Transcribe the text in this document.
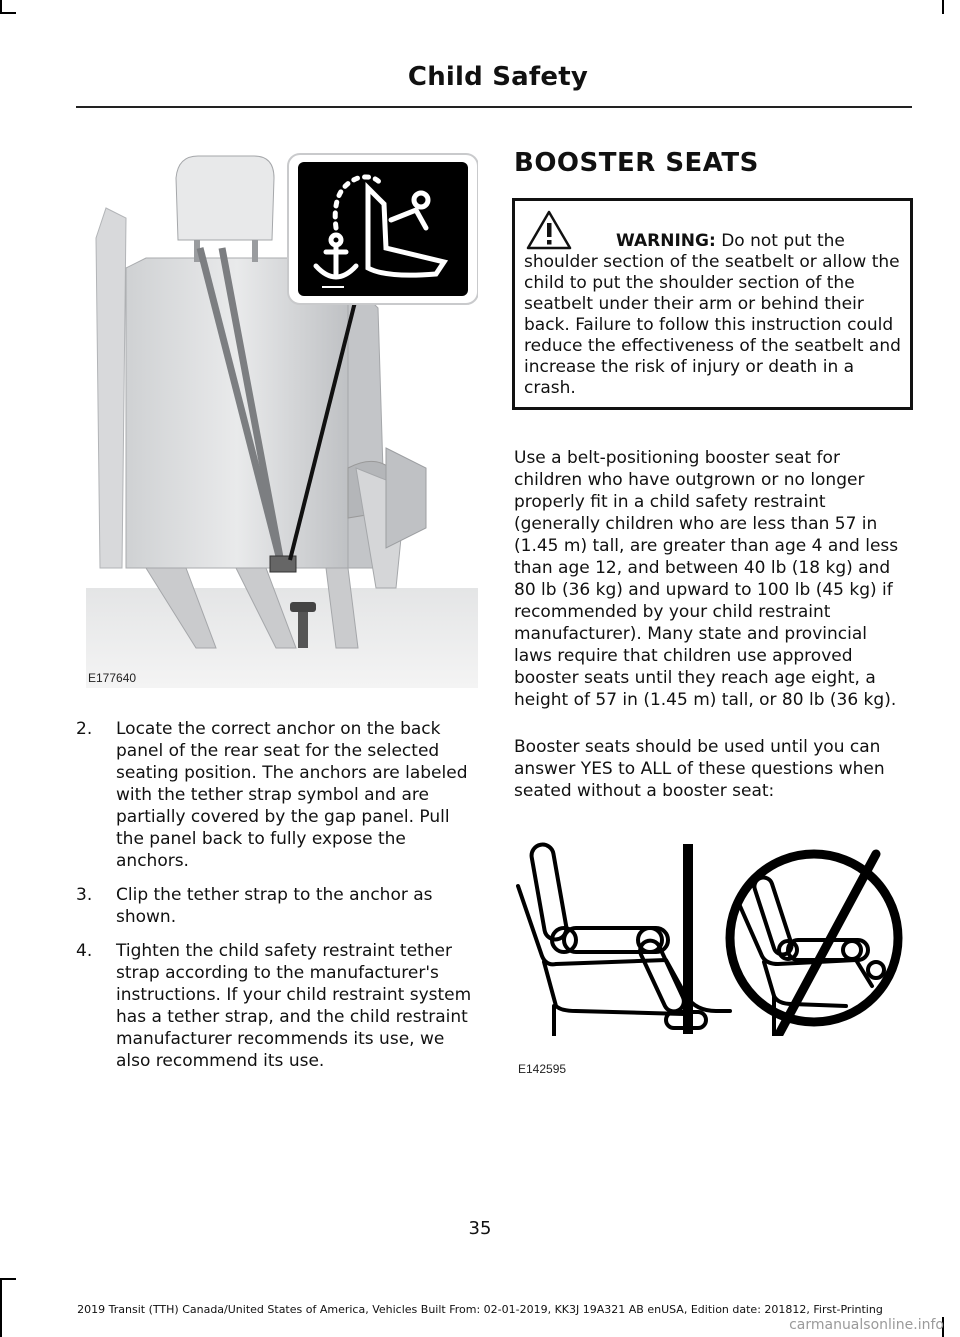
Child Safety
E177640
2. Locate the correct anchor on the back panel of the rear seat for the selected seating position. The anchors are labeled with the tether strap symbol and are partially covered by the gap panel. Pull the panel back to fully expose the anchors.
3. Clip the tether strap to the anchor as shown.
4. Tighten the child safety restraint tether strap according to the manufacturer's instructions. If your child restraint system has a tether strap, and the child restraint manufacturer recommends its use, we also recommend its use.
BOOSTER SEATS
WARNING: Do not put the shoulder section of the seatbelt or allow the child to put the shoulder section of the seatbelt under their arm or behind their back. Failure to follow this instruction could reduce the effectiveness of the seatbelt and increase the risk of injury or death in a crash.

Use a belt-positioning booster seat for children who have outgrown or no longer properly fit in a child safety restraint (generally children who are less than 57 in (1.45 m) tall, are greater than age 4 and less than age 12, and between 40 lb (18 kg) and 80 lb (36 kg) and upward to 100 lb (45 kg) if recommended by your child restraint manufacturer). Many state and provincial laws require that children use approved booster seats until they reach age eight, a height of 57 in (1.45 m) tall, or 80 lb (36 kg).

Booster seats should be used until you can answer YES to ALL of these questions when seated without a booster seat:

E142595
35
2019 Transit (TTH) Canada/United States of America, Vehicles Built From: 02-01-2019, KK3J 19A321 AB enUSA, Edition date: 201812, First-Printing
carmanualsonline.info
